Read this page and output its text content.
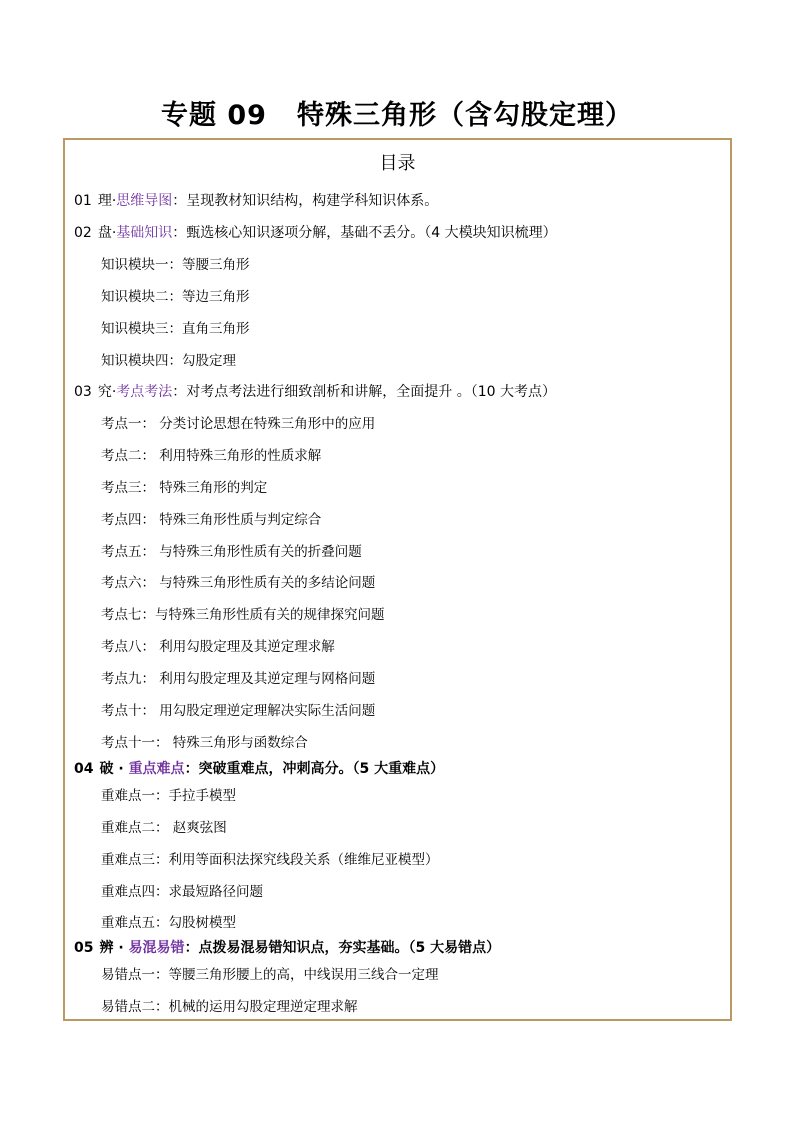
专题 09 特殊三角形（含勾股定理）
目录
01 理·思维导图：呈现教材知识结构，构建学科知识体系。
02 盘·基础知识：甄选核心知识逐项分解，基础不丢分。（4 大模块知识梳理）
知识模块一：等腰三角形
知识模块二：等边三角形
知识模块三：直角三角形
知识模块四：勾股定理
03 究·考点考法：对考点考法进行细致剖析和讲解，全面提升 。（10 大考点）
考点一： 分类讨论思想在特殊三角形中的应用
考点二： 利用特殊三角形的性质求解
考点三： 特殊三角形的判定
考点四： 特殊三角形性质与判定综合
考点五： 与特殊三角形性质有关的折叠问题
考点六： 与特殊三角形性质有关的多结论问题
考点七：与特殊三角形性质有关的规律探究问题
考点八： 利用勾股定理及其逆定理求解
考点九： 利用勾股定理及其逆定理与网格问题
考点十： 用勾股定理逆定理解决实际生活问题
考点十一： 特殊三角形与函数综合
04 破 · 重点难点：突破重难点，冲刺高分。（5 大重难点）
重难点一：手拉手模型
重难点二： 赵爽弦图
重难点三：利用等面积法探究线段关系（维维尼亚模型）
重难点四：求最短路径问题
重难点五：勾股树模型
05 辨 · 易混易错：点拨易混易错知识点，夯实基础。（5 大易错点）
易错点一：等腰三角形腰上的高，中线误用三线合一定理
易错点二：机械的运用勾股定理逆定理求解
